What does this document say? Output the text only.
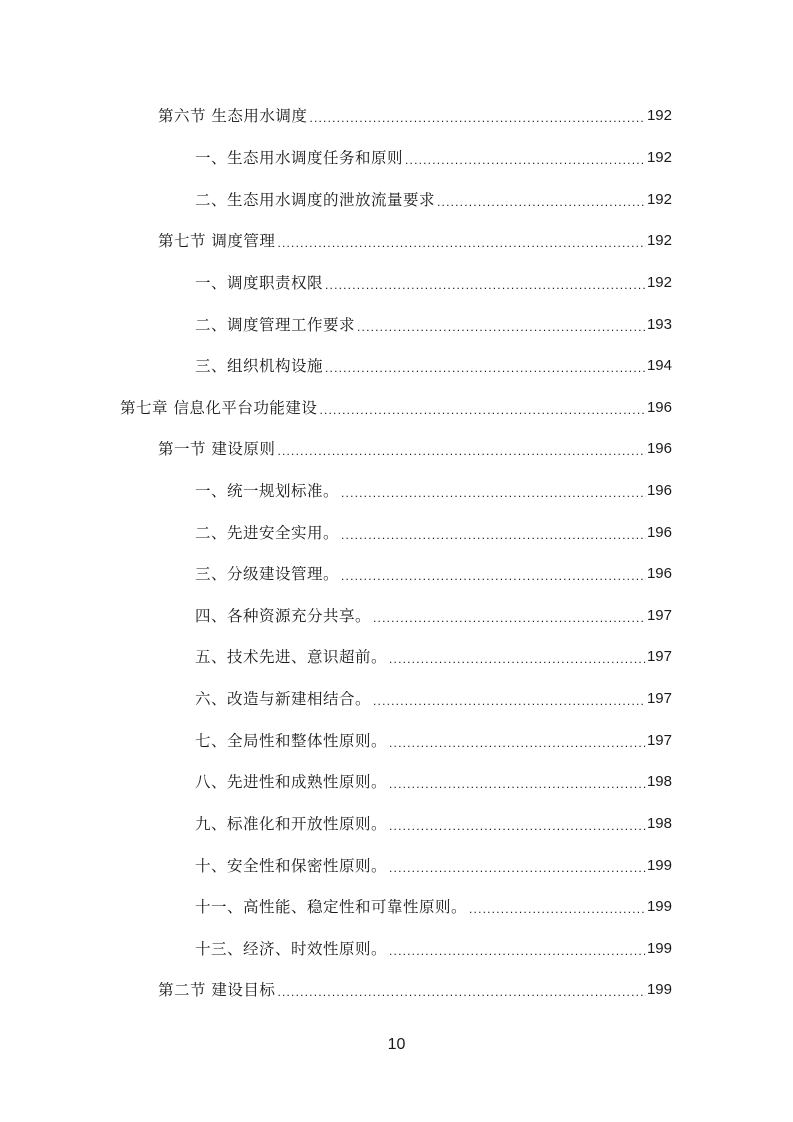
第六节 生态用水调度 .....	192
一、生态用水调度任务和原则 .....	192
二、生态用水调度的泄放流量要求 .....	192
第七节 调度管理 .....	192
一、调度职责权限 .....	192
二、调度管理工作要求 .....	193
三、组织机构设施 .....	194
第七章 信息化平台功能建设 .....	196
第一节 建设原则 .....	196
一、统一规划标准。 .....	196
二、先进安全实用。 .....	196
三、分级建设管理。 .....	196
四、各种资源充分共享。 .....	197
五、技术先进、意识超前。 .....	197
六、改造与新建相结合。 .....	197
七、全局性和整体性原则。 .....	197
八、先进性和成熟性原则。 .....	198
九、标准化和开放性原则。 .....	198
十、安全性和保密性原则。 .....	199
十一、高性能、稳定性和可靠性原则。 .....	199
十三、经济、时效性原则。 .....	199
第二节 建设目标 .....	199
10
